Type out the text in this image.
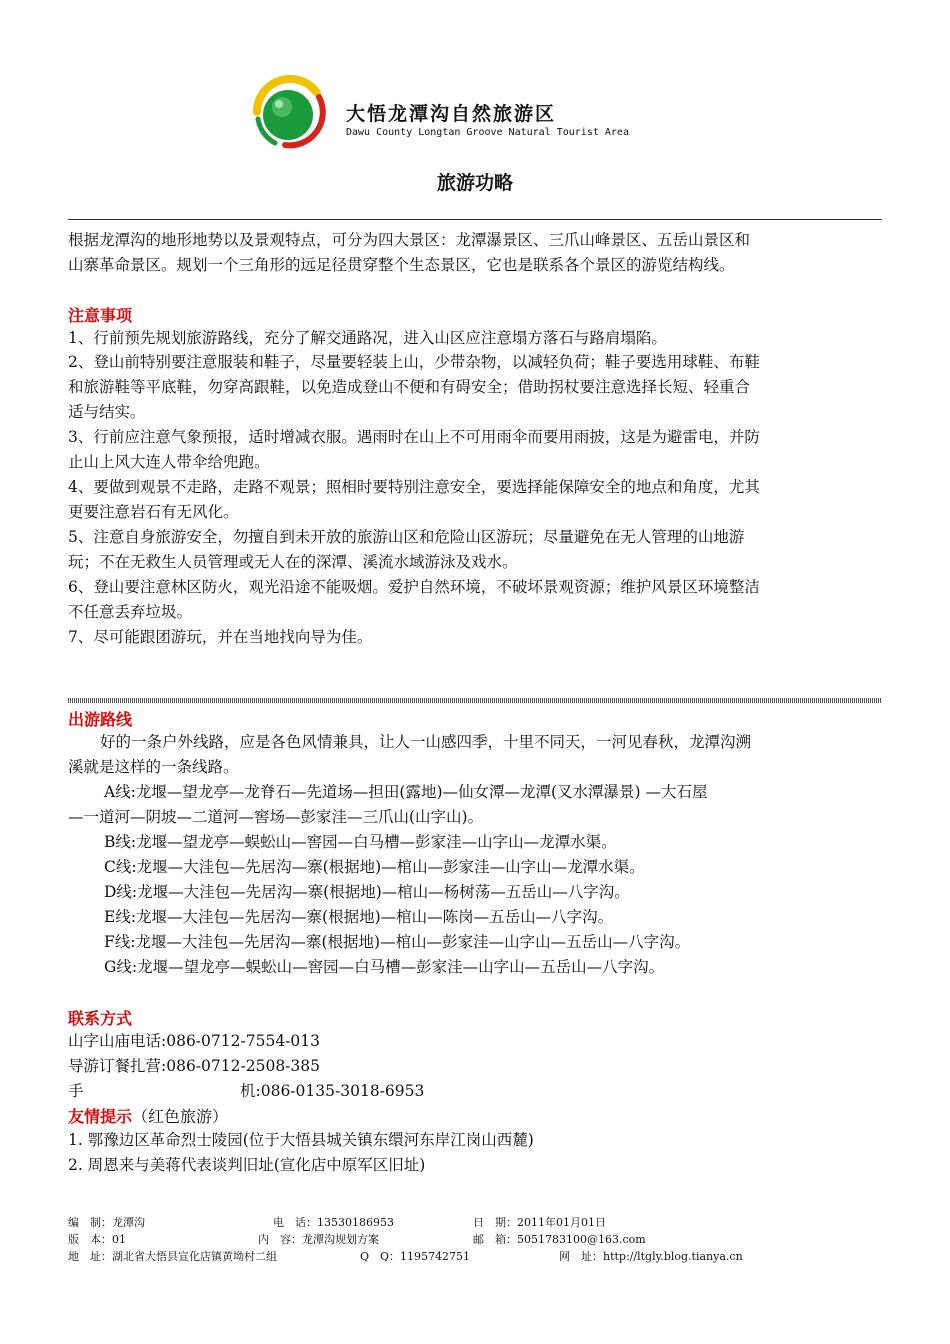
大悟龙潭沟自然旅游区
Dawu County Longtan Groove Natural Tourist Area
旅游功略
根据龙潭沟的地形地势以及景观特点，可分为四大景区：龙潭瀑景区、三爪山峰景区、五岳山景区和
山寨革命景区。规划一个三角形的远足径贯穿整个生态景区，它也是联系各个景区的游览结构线。
注意事项
1、行前预先规划旅游路线，充分了解交通路况，进入山区应注意塌方落石与路肩塌陷。
2、登山前特别要注意服装和鞋子，尽量要轻装上山，少带杂物，以减轻负荷；鞋子要选用球鞋、布鞋
和旅游鞋等平底鞋，勿穿高跟鞋，以免造成登山不便和有碍安全；借助拐杖要注意选择长短、轻重合
适与结实。
3、行前应注意气象预报，适时增减衣服。遇雨时在山上不可用雨伞而要用雨披，这是为避雷电，并防
止山上风大连人带伞给兜跑。
4、要做到观景不走路，走路不观景；照相时要特别注意安全，要选择能保障安全的地点和角度，尤其
更要注意岩石有无风化。
5、注意自身旅游安全，勿擅自到未开放的旅游山区和危险山区游玩；尽量避免在无人管理的山地游
玩；不在无救生人员管理或无人在的深潭、溪流水域游泳及戏水。
6、登山要注意林区防火，观光沿途不能吸烟。爱护自然环境，不破坏景观资源；维护风景区环境整洁
不任意丢弃垃圾。
7、尽可能跟团游玩，并在当地找向导为佳。
出游路线
好的一条户外线路，应是各色风情兼具，让人一山感四季，十里不同天，一河见春秋，龙潭沟溯
溪就是这样的一条线路。
A线:龙堰—望龙亭—龙脊石—先道场—担田(露地)—仙女潭—龙潭(叉水潭瀑景) —大石屋
—一道河—阴坡—二道河—窖场—彭家洼—三爪山(山字山)。
B线:龙堰—望龙亭—蜈蚣山—窖园—白马槽—彭家洼—山字山—龙潭水渠。
C线:龙堰—大洼包—先居沟—寨(根据地)—棺山—彭家洼—山字山—龙潭水渠。
D线:龙堰—大洼包—先居沟—寨(根据地)—棺山—杨树荡—五岳山—八字沟。
E线:龙堰—大洼包—先居沟—寨(根据地)—棺山—陈岗—五岳山—八字沟。
F线:龙堰—大洼包—先居沟—寨(根据地)—棺山—彭家洼—山字山—五岳山—八字沟。
G线:龙堰—望龙亭—蜈蚣山—窖园—白马槽—彭家洼—山字山—五岳山—八字沟。
联系方式
山字山庙电话:086-0712-7554-013
导游订餐扎营:086-0712-2508-385
手	机:086-0135-3018-6953
友情提示（红色旅游）
1. 鄂豫边区革命烈士陵园(位于大悟县城关镇东缳河东岸江岗山西麓)
2. 周恩来与美蒋代表谈判旧址(宣化店中原军区旧址)
编　制：龙潭沟	电　话：13530186953	日　期：2011年01月01日
版　本：01	内　容：龙潭沟规划方案	邮　箱：5051783100@163.com
地　址：湖北省大悟县宣化店镇黄坳村二组	Q　Q：1195742751	网　址：http://ltgly.blog.tianya.cn
